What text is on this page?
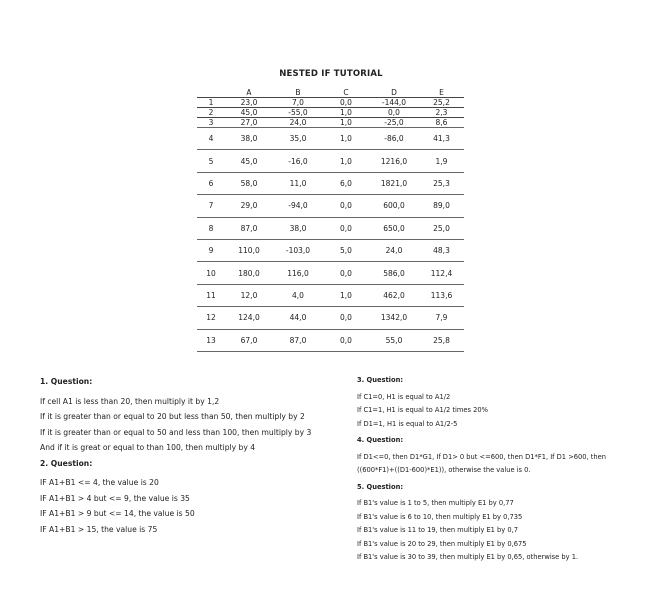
NESTED IF TUTORIAL
	A	B	C	D	E
1	23,0	7,0	0,0	-144,0	25,2
2	45,0	-55,0	1,0	0,0	2,3
3	27,0	24,0	1,0	-25,0	8,6
4	38,0	35,0	1,0	-86,0	41,3
5	45,0	-16,0	1,0	1216,0	1,9
6	58,0	11,0	6,0	1821,0	25,3
7	29,0	-94,0	0,0	600,0	89,0
8	87,0	38,0	0,0	650,0	25,0
9	110,0	-103,0	5,0	24,0	48,3
10	180,0	116,0	0,0	586,0	112,4
11	12,0	4,0	1,0	462,0	113,6
12	124,0	44,0	0,0	1342,0	7,9
13	67,0	87,0	0,0	55,0	25,8
1. Question:
If cell A1 is less than 20, then multiply it by 1,2
If it is greater than or equal to 20 but less than 50, then multiply by 2
If it is greater than or equal to 50 and less than 100, then multiply by 3
And if it is great or equal to than 100, then multiply by 4
2. Question:
IF A1+B1 <= 4, the value is 20
IF A1+B1 > 4 but <= 9, the value is 35
IF A1+B1 > 9 but <= 14, the value is 50
IF A1+B1 > 15, the value is 75
3. Question:
If C1=0, H1 is equal to A1/2
If C1=1, H1 is equal to A1/2 times 20%
If D1=1, H1 is equal to A1/2-5
4. Question:
If D1<=0, then D1*G1, If D1> 0 but <=600, then D1*F1, If D1 >600, then
((600*F1)+((D1-600)*E1)), otherwise the value is 0.
5. Question:
If B1's value is 1 to 5, then multiply E1 by 0,77
If B1's value is 6 to 10, then multiply E1 by 0,735
If B1's value is 11 to 19, then multiply E1 by 0,7
If B1's value is 20 to 29, then multiply E1 by 0,675
If B1's value is 30 to 39, then multiply E1 by 0,65, otherwise by 1.
